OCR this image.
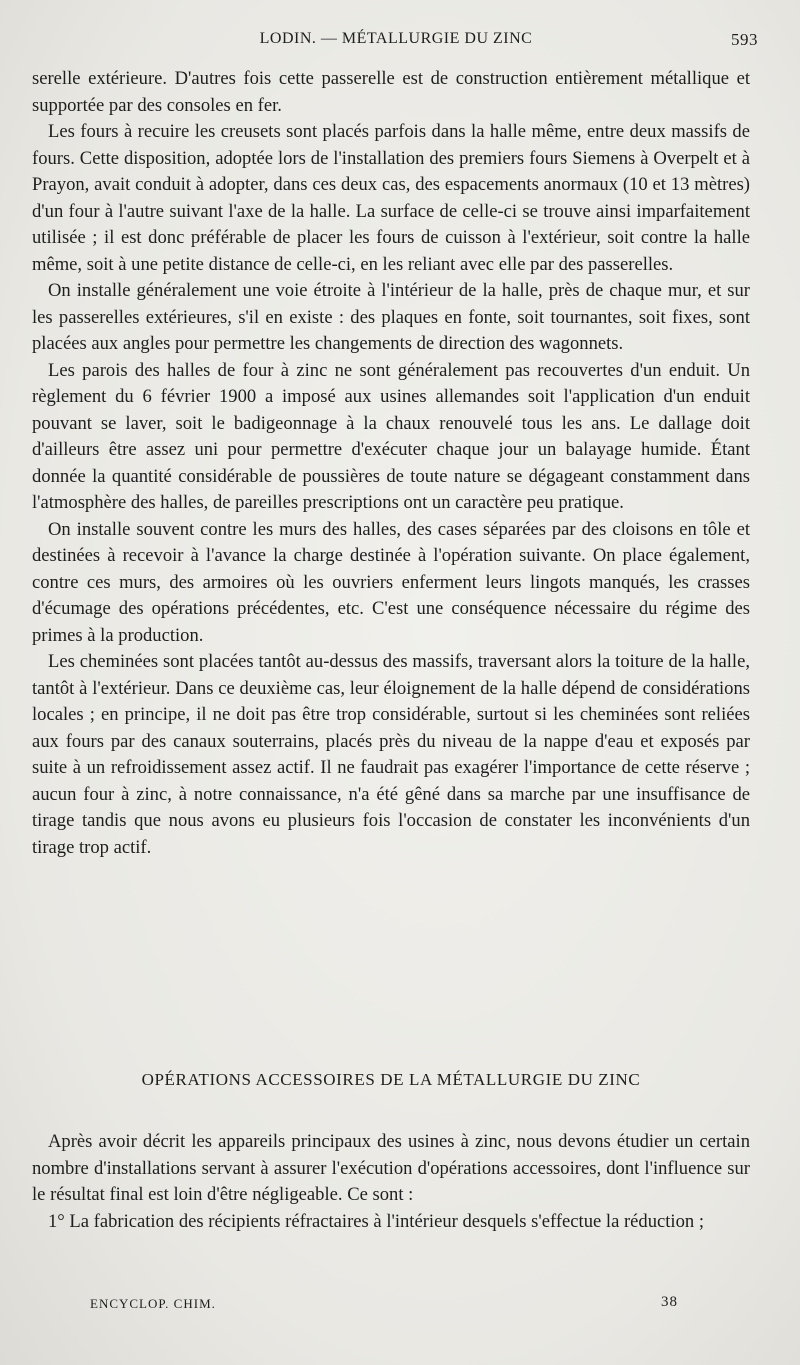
LODIN. — MÉTALLURGIE DU ZINC	593

serelle extérieure. D'autres fois cette passerelle est de construction entièrement métallique et supportée par des consoles en fer.

Les fours à recuire les creusets sont placés parfois dans la halle même, entre deux massifs de fours. Cette disposition, adoptée lors de l'installation des premiers fours Siemens à Overpelt et à Prayon, avait conduit à adopter, dans ces deux cas, des espacements anormaux (10 et 13 mètres) d'un four à l'autre suivant l'axe de la halle. La surface de celle-ci se trouve ainsi imparfaitement utilisée ; il est donc préférable de placer les fours de cuisson à l'extérieur, soit contre la halle même, soit à une petite distance de celle-ci, en les reliant avec elle par des passerelles.

On installe généralement une voie étroite à l'intérieur de la halle, près de chaque mur, et sur les passerelles extérieures, s'il en existe : des plaques en fonte, soit tournantes, soit fixes, sont placées aux angles pour permettre les changements de direction des wagonnets.

Les parois des halles de four à zinc ne sont généralement pas recouvertes d'un enduit. Un règlement du 6 février 1900 a imposé aux usines allemandes soit l'application d'un enduit pouvant se laver, soit le badigeonnage à la chaux renouvelé tous les ans. Le dallage doit d'ailleurs être assez uni pour permettre d'exécuter chaque jour un balayage humide. Étant donnée la quantité considérable de poussières de toute nature se dégageant constamment dans l'atmosphère des halles, de pareilles prescriptions ont un caractère peu pratique.

On installe souvent contre les murs des halles, des cases séparées par des cloisons en tôle et destinées à recevoir à l'avance la charge destinée à l'opération suivante. On place également, contre ces murs, des armoires où les ouvriers enferment leurs lingots manqués, les crasses d'écumage des opérations précédentes, etc. C'est une conséquence nécessaire du régime des primes à la production.

Les cheminées sont placées tantôt au-dessus des massifs, traversant alors la toiture de la halle, tantôt à l'extérieur. Dans ce deuxième cas, leur éloignement de la halle dépend de considérations locales ; en principe, il ne doit pas être trop considérable, surtout si les cheminées sont reliées aux fours par des canaux souterrains, placés près du niveau de la nappe d'eau et exposés par suite à un refroidissement assez actif. Il ne faudrait pas exagérer l'importance de cette réserve ; aucun four à zinc, à notre connaissance, n'a été gêné dans sa marche par une insuffisance de tirage tandis que nous avons eu plusieurs fois l'occasion de constater les inconvénients d'un tirage trop actif.

OPÉRATIONS ACCESSOIRES DE LA MÉTALLURGIE DU ZINC

Après avoir décrit les appareils principaux des usines à zinc, nous devons étudier un certain nombre d'installations servant à assurer l'exécution d'opérations accessoires, dont l'influence sur le résultat final est loin d'être négligeable. Ce sont :

1° La fabrication des récipients réfractaires à l'intérieur desquels s'effectue la réduction ;

ENCYCLOP. CHIM.	38
